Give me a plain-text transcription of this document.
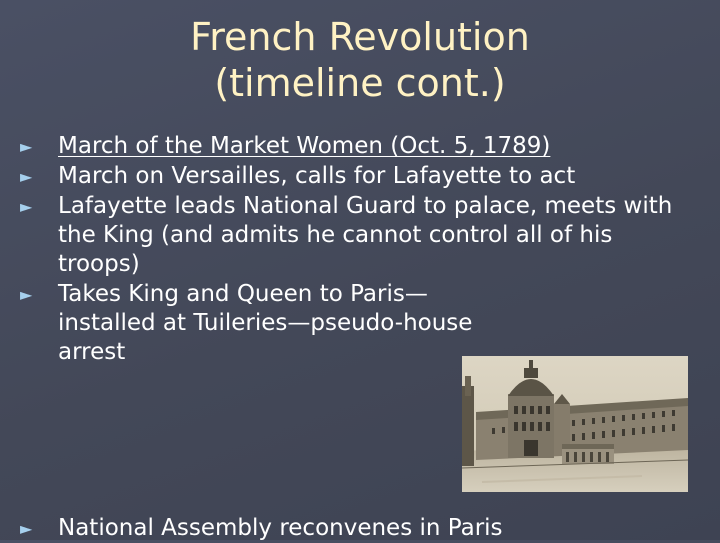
French Revolution
(timeline cont.)
►	March of the Market Women (Oct. 5, 1789)
►	March on Versailles, calls for Lafayette to act
►	Lafayette leads National Guard to palace, meets with the King (and admits he cannot control all of his troops)
►	Takes King and Queen to Paris—installed at Tuileries—pseudo-house arrest
►	National Assembly reconvenes in Paris
